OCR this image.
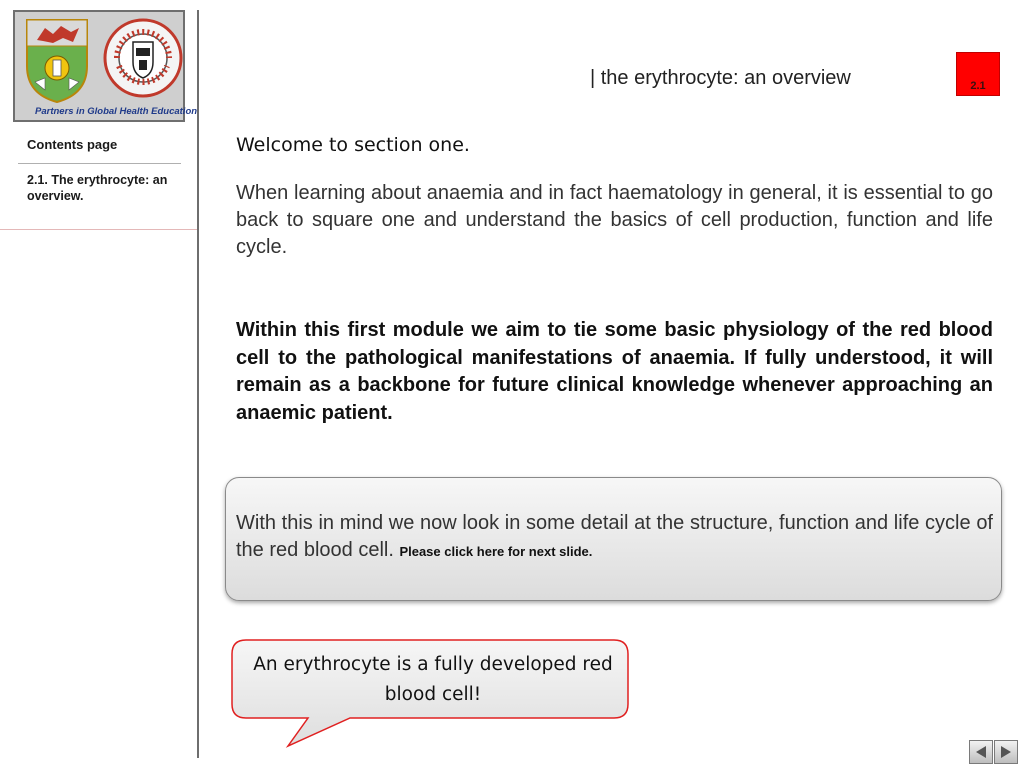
Partners in Global Health Education
Contents page
2.1. The erythrocyte: an overview.
| the erythrocyte: an overview	2.1
Welcome to section one.
When learning about anaemia and in fact haematology in general, it is essential to go back to square one and understand the basics of cell production, function and life cycle.
Within this first module we aim to tie some basic physiology of the red blood cell to the pathological manifestations of anaemia. If fully understood, it will remain as a backbone for future clinical knowledge whenever approaching an anaemic patient.
With this in mind we now look in some detail at the structure, function and life cycle of the red blood cell. Please click here for next slide.
An erythrocyte is a fully developed red blood cell!
